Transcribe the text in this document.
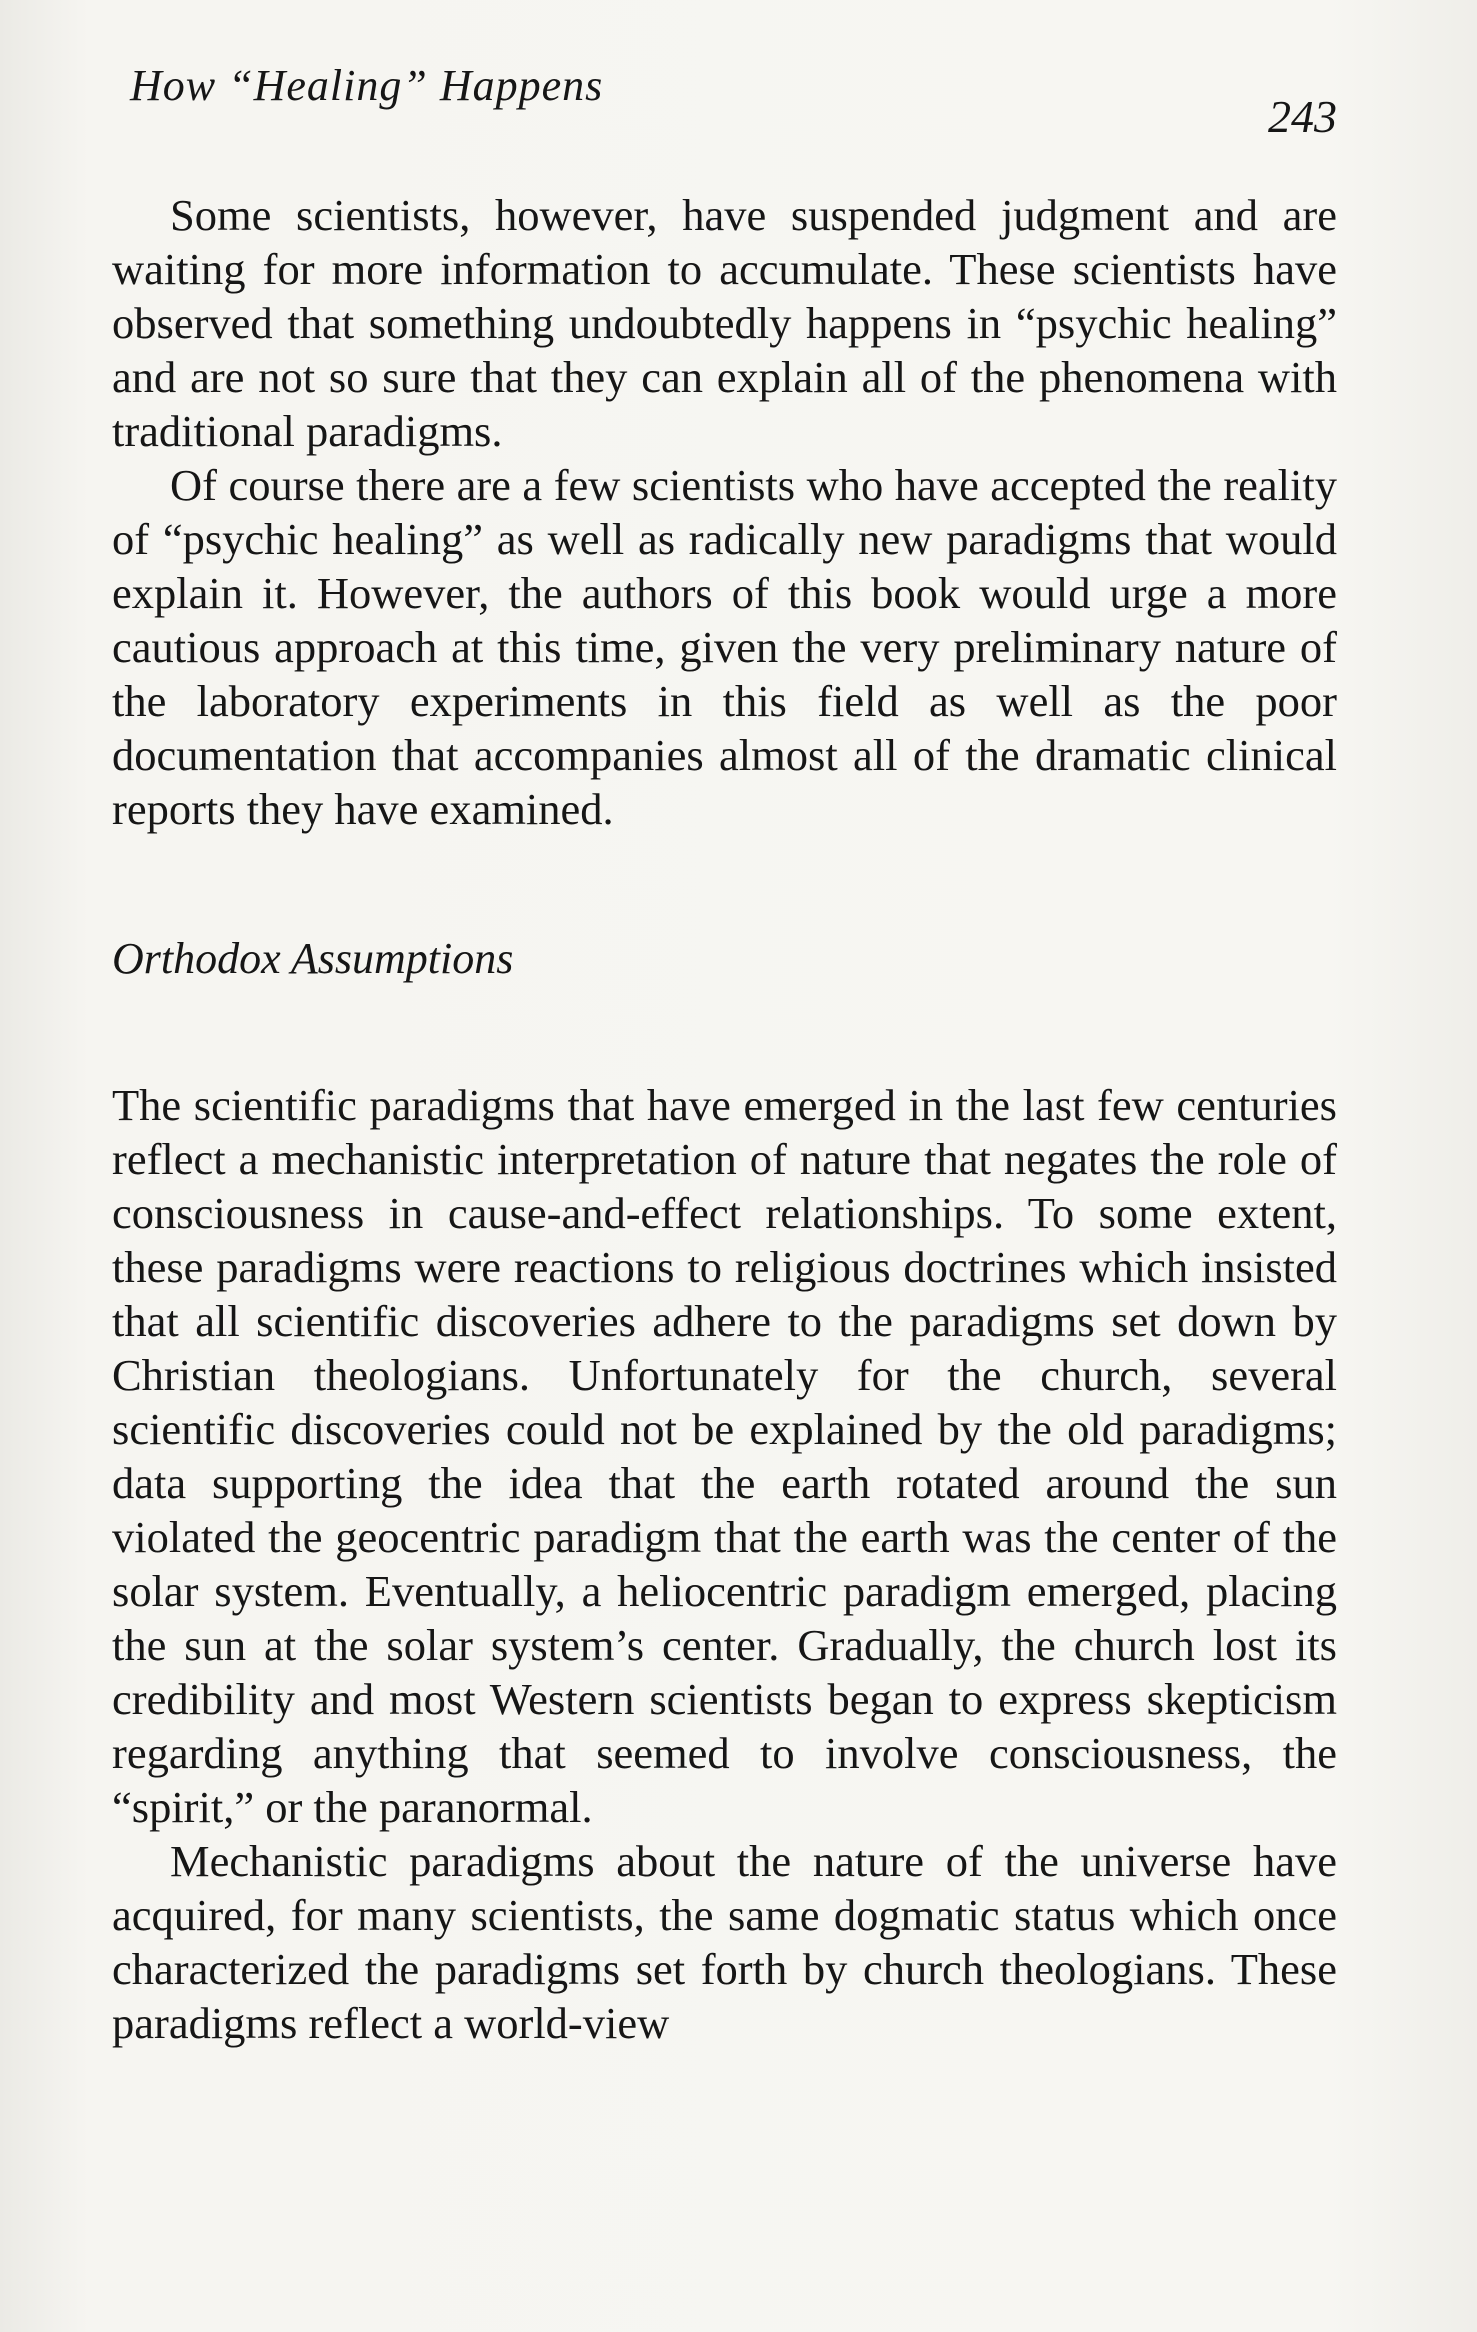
How “Healing” Happens
243

Some scientists, however, have suspended judgment and are waiting for more information to accumulate. These scientists have observed that something undoubtedly happens in “psychic healing” and are not so sure that they can explain all of the phenomena with traditional paradigms.

Of course there are a few scientists who have accepted the reality of “psychic healing” as well as radically new paradigms that would explain it. However, the authors of this book would urge a more cautious approach at this time, given the very preliminary nature of the laboratory experiments in this field as well as the poor documentation that accompanies almost all of the dramatic clinical reports they have examined.

Orthodox Assumptions

The scientific paradigms that have emerged in the last few centuries reflect a mechanistic interpretation of nature that negates the role of consciousness in cause-and-effect relationships. To some extent, these paradigms were reactions to religious doctrines which insisted that all scientific discoveries adhere to the paradigms set down by Christian theologians. Unfortunately for the church, several scientific discoveries could not be explained by the old paradigms; data supporting the idea that the earth rotated around the sun violated the geocentric paradigm that the earth was the center of the solar system. Eventually, a heliocentric paradigm emerged, placing the sun at the solar system’s center. Gradually, the church lost its credibility and most Western scientists began to express skepticism regarding anything that seemed to involve consciousness, the “spirit,” or the paranormal.

Mechanistic paradigms about the nature of the universe have acquired, for many scientists, the same dogmatic status which once characterized the paradigms set forth by church theologians. These paradigms reflect a world-view
